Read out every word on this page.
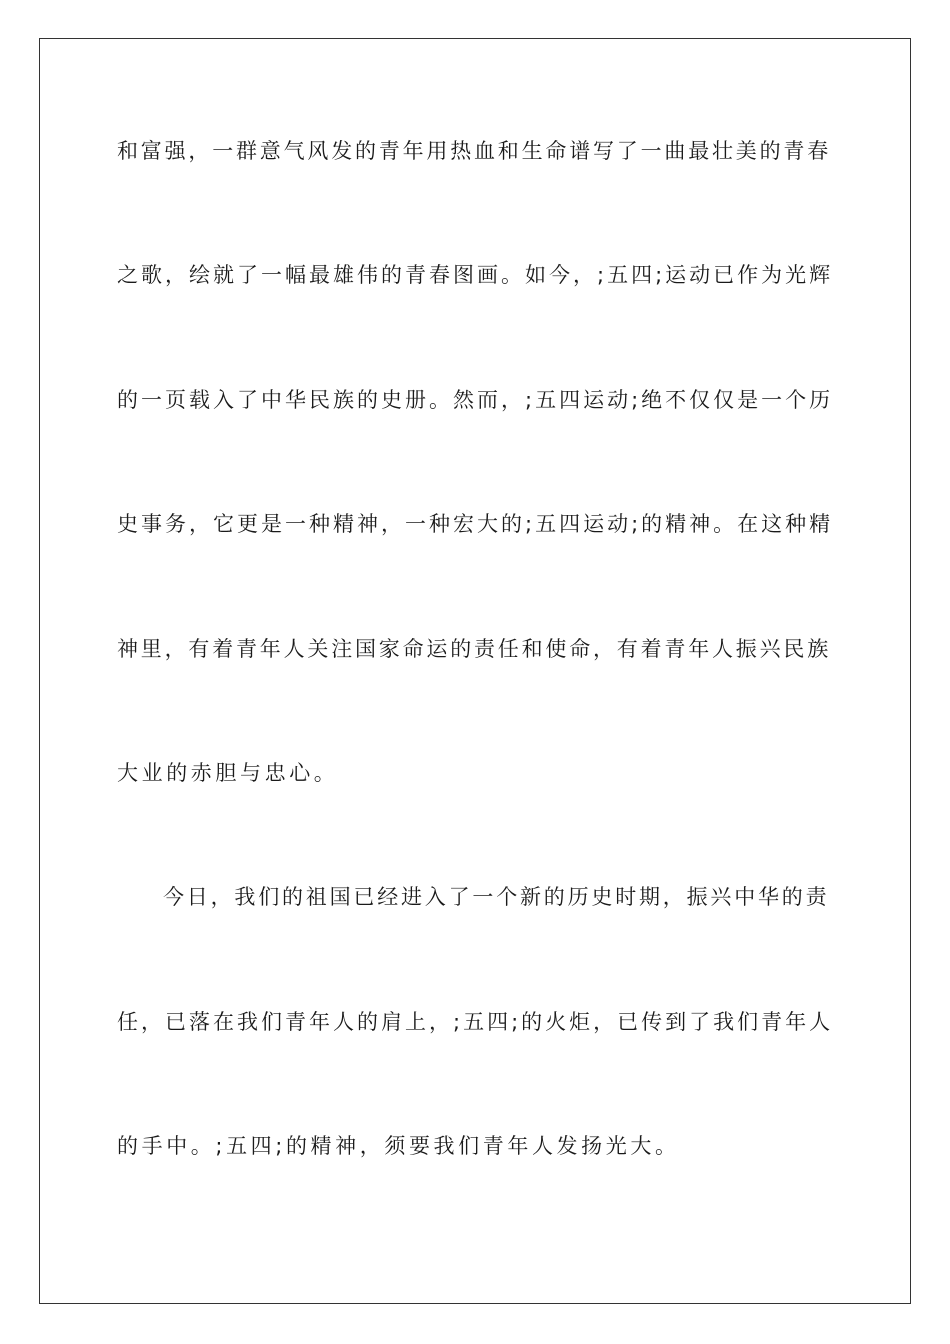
和富强，一群意气风发的青年用热血和生命谱写了一曲最壮美的青春
之歌，绘就了一幅最雄伟的青春图画。如今，;五四;运动已作为光辉
的一页载入了中华民族的史册。然而，;五四运动;绝不仅仅是一个历
史事务，它更是一种精神，一种宏大的;五四运动;的精神。在这种精
神里，有着青年人关注国家命运的责任和使命，有着青年人振兴民族
大业的赤胆与忠心。
今日，我们的祖国已经进入了一个新的历史时期，振兴中华的责
任，已落在我们青年人的肩上，;五四;的火炬，已传到了我们青年人
的手中。;五四;的精神，须要我们青年人发扬光大。
